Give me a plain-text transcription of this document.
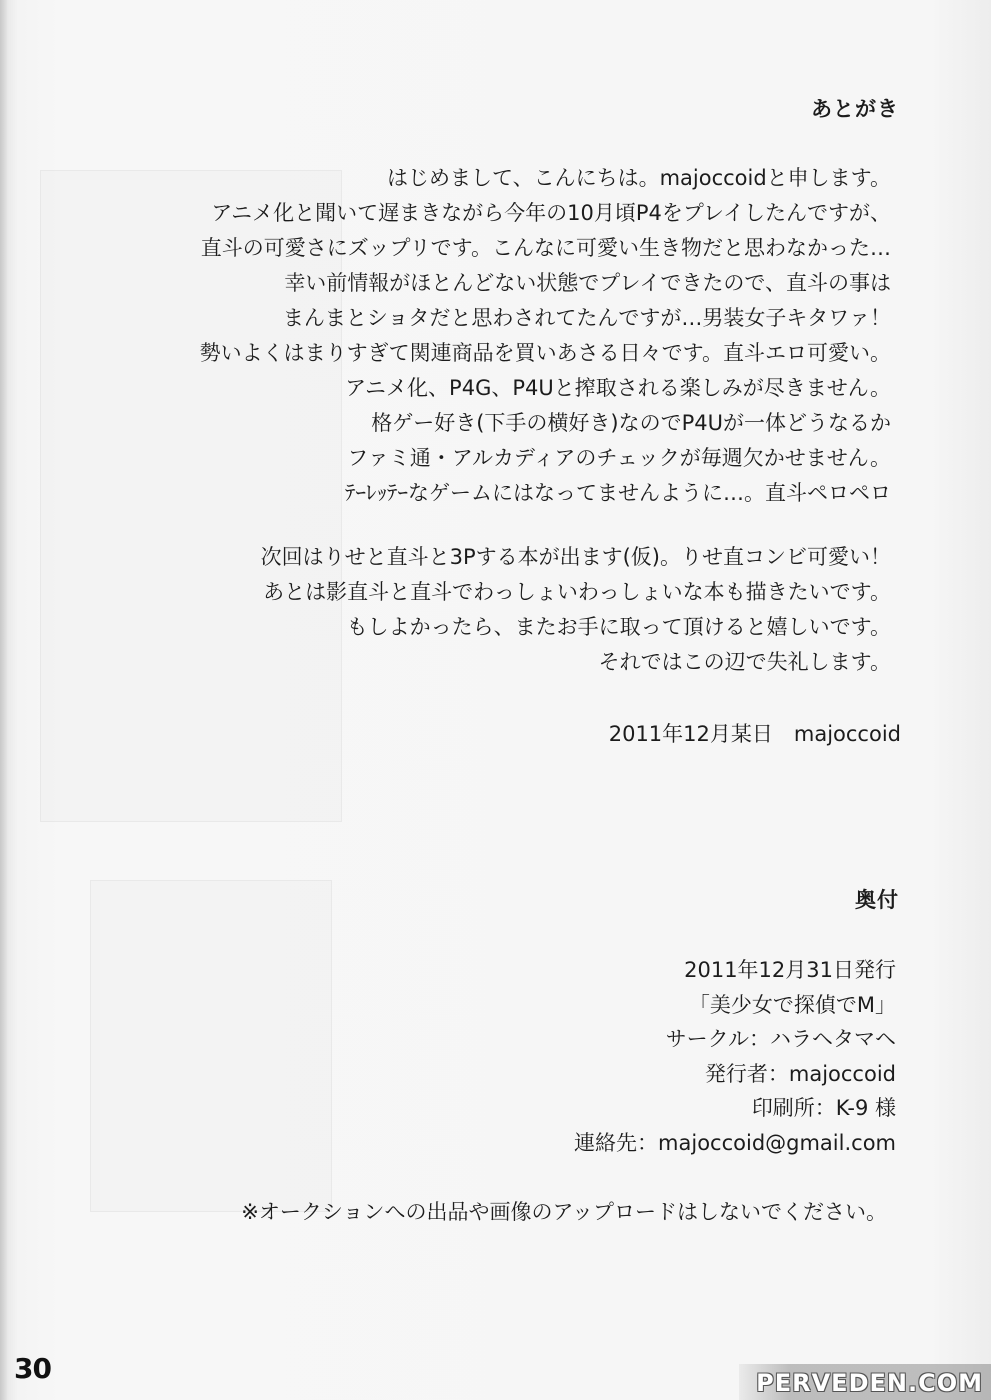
あとがき
はじめまして、こんにちは。majoccoidと申します。
アニメ化と聞いて遅まきながら今年の10月頃P4をプレイしたんですが、
直斗の可愛さにズップリです。こんなに可愛い生き物だと思わなかった…
幸い前情報がほとんどない状態でプレイできたので、直斗の事は
まんまとショタだと思わされてたんですが…男装女子キタワァ！
勢いよくはまりすぎて関連商品を買いあさる日々です。直斗エロ可愛い。
アニメ化、P4G、P4Uと搾取される楽しみが尽きません。
格ゲー好き(下手の横好き)なのでP4Uが一体どうなるか
ファミ通・アルカディアのチェックが毎週欠かせません。
ﾃｰﾚｯﾃｰなゲームにはなってませんように…。直斗ペロペロ
次回はりせと直斗と3Pする本が出ます(仮)。りせ直コンビ可愛い！
あとは影直斗と直斗でわっしょいわっしょいな本も描きたいです。
もしよかったら、またお手に取って頂けると嬉しいです。
それではこの辺で失礼します。
2011年12月某日　majoccoid
奥付
2011年12月31日発行
「美少女で探偵でM」
サークル：ハラヘタマヘ
発行者：majoccoid
印刷所：K-9 様
連絡先：majoccoid@gmail.com
※オークションへの出品や画像のアップロードはしないでください。
30	PERVEDEN.COM
